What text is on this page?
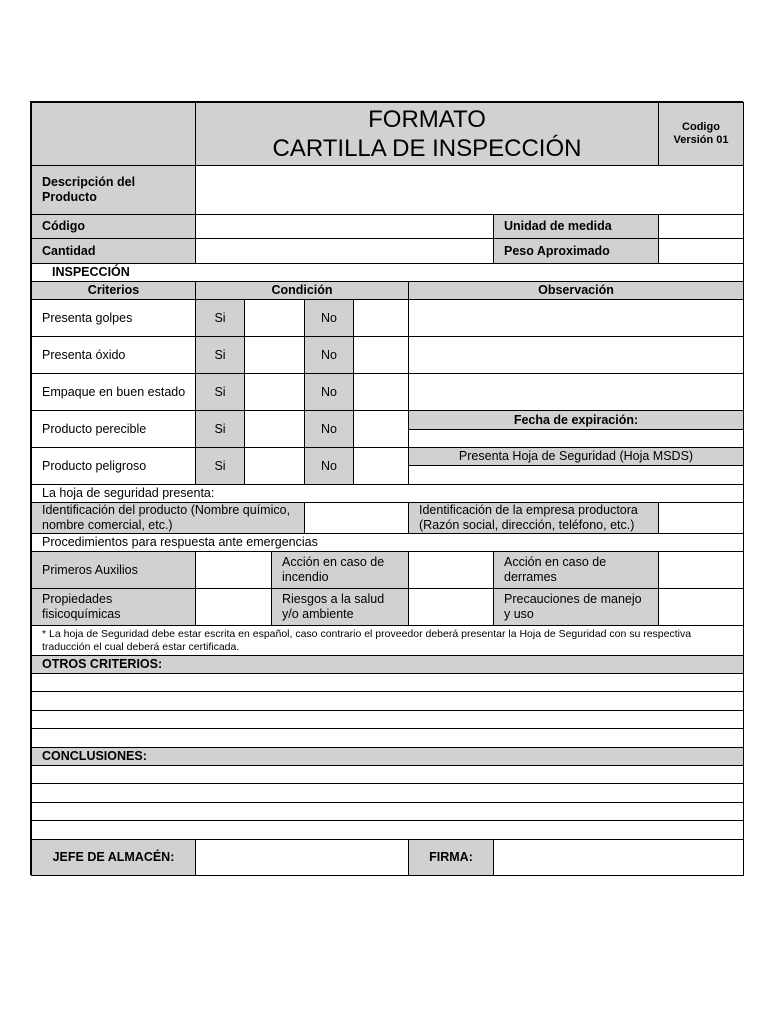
FORMATO
CARTILLA DE INSPECCIÓN
Codigo
Versión 01
Descripción del Producto
Código	Unidad de medida
Cantidad	Peso Aproximado
INSPECCIÓN
Criterios	Condición	Observación
Presenta golpes	Si	No
Presenta óxido	Si	No
Empaque en buen estado	Si	No
Producto perecible	Si	No
Fecha de expiración:
Producto peligroso	Si	No
Presenta Hoja de Seguridad (Hoja MSDS)
La hoja de seguridad presenta:
Identificación del producto (Nombre químico, nombre comercial, etc.)
Identificación de la empresa productora (Razón social, dirección, teléfono, etc.)
Procedimientos para respuesta ante emergencias
Primeros Auxilios
Acción en caso de incendio
Acción en caso de derrames
Propiedades fisicoquímicas
Riesgos a la salud y/o ambiente
Precauciones de manejo y uso
* La hoja de Seguridad debe estar escrita en español, caso contrario el proveedor deberá presentar la Hoja de Seguridad con su respectiva traducción el cual deberá estar certificada.
OTROS CRITERIOS:
CONCLUSIONES:
JEFE DE ALMACÉN:	FIRMA:
